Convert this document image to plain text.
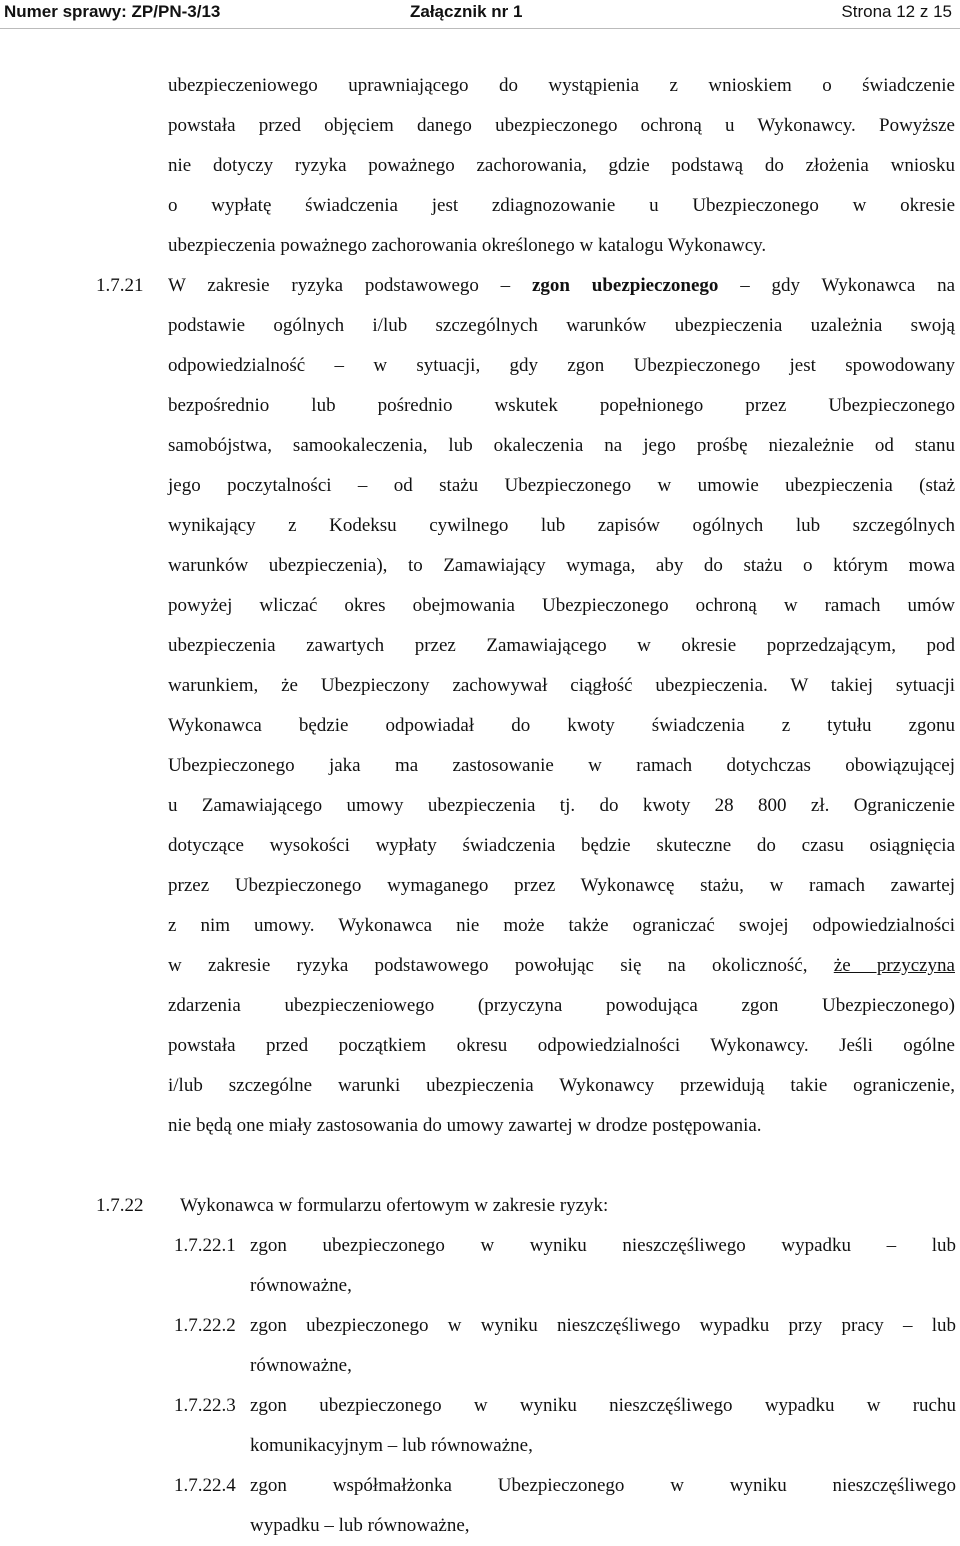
Numer sprawy: ZP/PN-3/13	Załącznik nr 1	Strona 12 z 15
ubezpieczeniowego uprawniającego do wystąpienia z wnioskiem o świadczenie
powstała przed objęciem danego ubezpieczonego ochroną u Wykonawcy. Powyższe
nie dotyczy ryzyka poważnego zachorowania, gdzie podstawą do złożenia wniosku
o wypłatę świadczenia jest zdiagnozowanie u Ubezpieczonego w okresie
ubezpieczenia poważnego zachorowania określonego w katalogu Wykonawcy.
1.7.21 W zakresie ryzyka podstawowego – zgon ubezpieczonego – gdy Wykonawca na
podstawie ogólnych i/lub szczególnych warunków ubezpieczenia uzależnia swoją
odpowiedzialność – w sytuacji, gdy zgon Ubezpieczonego jest spowodowany
bezpośrednio lub pośrednio wskutek popełnionego przez Ubezpieczonego
samobójstwa, samookaleczenia, lub okaleczenia na jego prośbę niezależnie od stanu
jego poczytalności – od stażu Ubezpieczonego w umowie ubezpieczenia (staż
wynikający z Kodeksu cywilnego lub zapisów ogólnych lub szczególnych
warunków ubezpieczenia), to Zamawiający wymaga, aby do stażu o którym mowa
powyżej wliczać okres obejmowania Ubezpieczonego ochroną w ramach umów
ubezpieczenia zawartych przez Zamawiającego w okresie poprzedzającym, pod
warunkiem, że Ubezpieczony zachowywał ciągłość ubezpieczenia. W takiej sytuacji
Wykonawca będzie odpowiadał do kwoty świadczenia z tytułu zgonu
Ubezpieczonego jaka ma zastosowanie w ramach dotychczas obowiązującej
u Zamawiającego umowy ubezpieczenia tj. do kwoty 28 800 zł. Ograniczenie
dotyczące wysokości wypłaty świadczenia będzie skuteczne do czasu osiągnięcia
przez Ubezpieczonego wymaganego przez Wykonawcę stażu, w ramach zawartej
z nim umowy. Wykonawca nie może także ograniczać swojej odpowiedzialności
w zakresie ryzyka podstawowego powołując się na okoliczność, że przyczyna
zdarzenia ubezpieczeniowego (przyczyna powodująca zgon Ubezpieczonego)
powstała przed początkiem okresu odpowiedzialności Wykonawcy. Jeśli ogólne
i/lub szczególne warunki ubezpieczenia Wykonawcy przewidują takie ograniczenie,
nie będą one miały zastosowania do umowy zawartej w drodze postępowania.
1.7.22 Wykonawca w formularzu ofertowym w zakresie ryzyk:
1.7.22.1 zgon ubezpieczonego w wyniku nieszczęśliwego wypadku – lub
równoważne,
1.7.22.2 zgon ubezpieczonego w wyniku nieszczęśliwego wypadku przy pracy – lub
równoważne,
1.7.22.3 zgon ubezpieczonego w wyniku nieszczęśliwego wypadku w ruchu
komunikacyjnym – lub równoważne,
1.7.22.4 zgon współmałżonka Ubezpieczonego w wyniku nieszczęśliwego
wypadku – lub równoważne,
